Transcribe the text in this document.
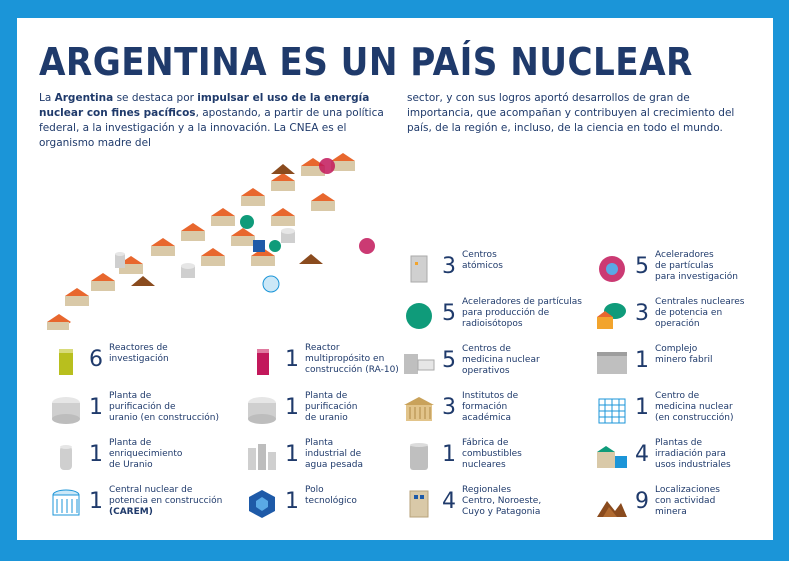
ARGENTINA ES UN PAÍS NUCLEAR
La Argentina se destaca por impulsar el uso de la energía nuclear con fines pacíficos, apostando, a partir de una política federal, a la investigación y a la innovación. La CNEA es el organismo madre del
sector, y con sus logros aportó desarrollos de gran de importancia, que acompañan y contribuyen al crecimiento del país, de la región e, incluso, de la ciencia en todo el mundo.
6 Reactores de
investigación	1 Reactor
multipropósito en
construcción (RA-10)
1 Planta de
purificación de
uranio (en construcción)	1 Planta de
purificación
de uranio
1 Planta de
enriquecimiento
de Uranio	1 Planta
industrial de
agua pesada
1 Central nuclear de
potencia en construcción
(CAREM)	1 Polo
tecnológico
3 Centros
atómicos	5 Aceleradores
de partículas
para investigación
5 Aceleradores de partículas
para producción de
radioisótopos	3 Centrales nucleares
de potencia en
operación
5 Centros de
medicina nuclear
operativos	1 Complejo
minero fabril
3 Institutos de
formación
académica	1 Centro de
medicina nuclear
(en construcción)
1 Fábrica de
combustibles
nucleares	4 Plantas de
irradiación para
usos industriales
4 Regionales
Centro, Noroeste,
Cuyo y Patagonia	9 Localizaciones
con actividad
minera
